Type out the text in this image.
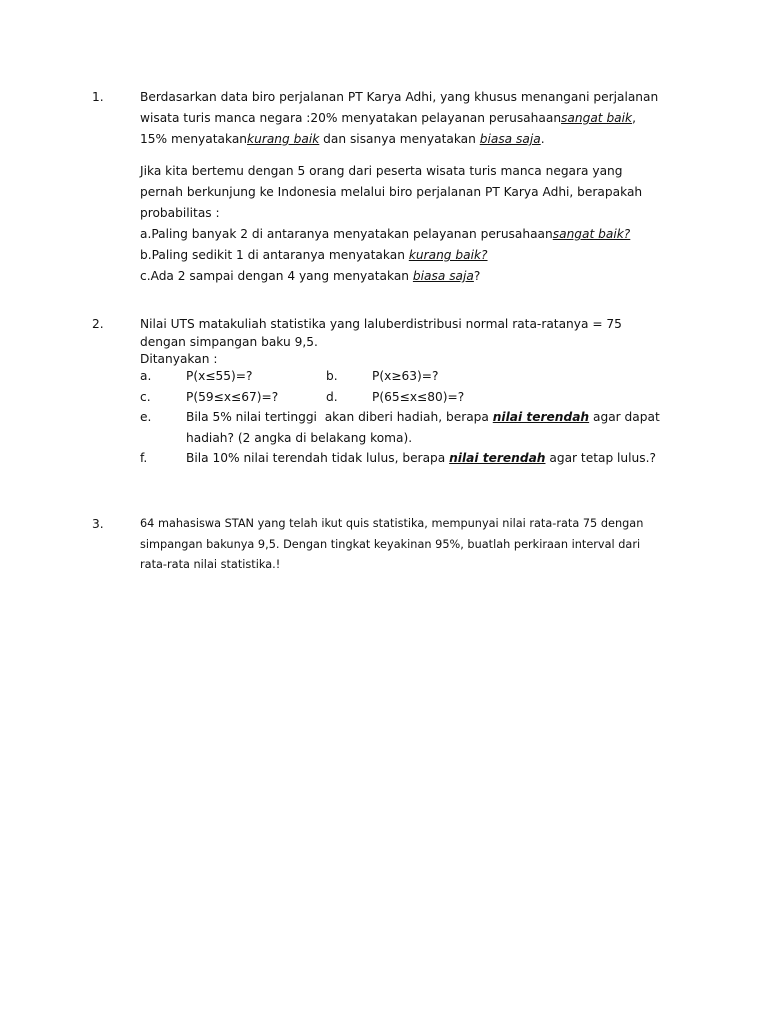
1.	Berdasarkan data biro perjalanan PT Karya Adhi, yang khusus menangani perjalanan
wisata turis manca negara :20% menyatakan pelayanan perusahaansangat baik,
15% menyatakankurang baik dan sisanya menyatakan biasa saja.
Jika kita bertemu dengan 5 orang dari peserta wisata turis manca negara yang
pernah berkunjung ke Indonesia melalui biro perjalanan PT Karya Adhi, berapakah
probabilitas :
a.Paling banyak 2 di antaranya menyatakan pelayanan perusahaansangat baik?
b.Paling sedikit 1 di antaranya menyatakan kurang baik?
c.Ada 2 sampai dengan 4 yang menyatakan biasa saja?
2.	Nilai UTS matakuliah statistika yang laluberdistribusi normal rata-ratanya = 75
dengan simpangan baku 9,5.
Ditanyakan :
a.	P(x≤55)=?	b.	P(x≥63)=?
c.	P(59≤x≤67)=?	d.	P(65≤x≤80)=?
e.	Bila 5% nilai tertinggi  akan diberi hadiah, berapa nilai terendah agar dapat
hadiah? (2 angka di belakang koma).
f.	Bila 10% nilai terendah tidak lulus, berapa nilai terendah agar tetap lulus.?
3.	64 mahasiswa STAN yang telah ikut quis statistika, mempunyai nilai rata-rata 75 dengan
simpangan bakunya 9,5. Dengan tingkat keyakinan 95%, buatlah perkiraan interval dari
rata-rata nilai statistika.!
